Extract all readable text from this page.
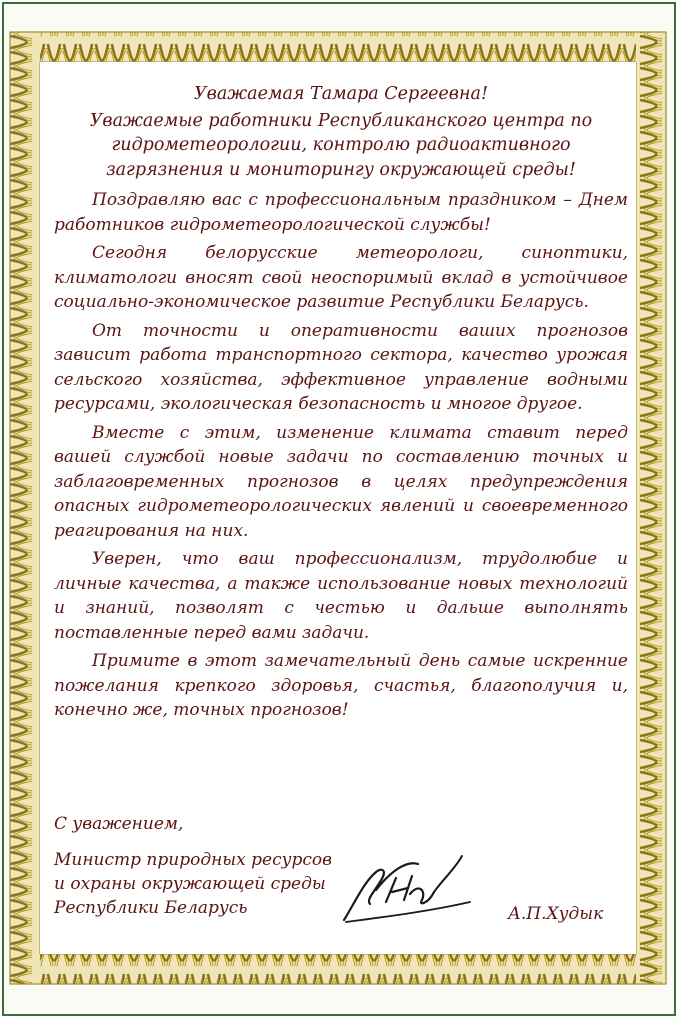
Уважаемая Тамара Сергеевна!
Уважаемые работники Республиканского центра по гидрометеорологии, контролю радиоактивного загрязнения и мониторингу окружающей среды!
Поздравляю вас с профессиональным праздником – Днем работников гидрометеорологической службы!
Сегодня белорусские метеорологи, синоптики, климатологи вносят свой неоспоримый вклад в устойчивое социально-экономическое развитие Республики Беларусь.
От точности и оперативности ваших прогнозов зависит работа транспортного сектора, качество урожая сельского хозяйства, эффективное управление водными ресурсами, экологическая безопасность и многое другое.
Вместе с этим, изменение климата ставит перед вашей службой новые задачи по составлению точных и заблаговременных прогнозов в целях предупреждения опасных гидрометеорологических явлений и своевременного реагирования на них.
Уверен, что ваш профессионализм, трудолюбие и личные качества, а также использование новых технологий и знаний, позволят с честью и дальше выполнять поставленные перед вами задачи.
Примите в этот замечательный день самые искренние пожелания крепкого здоровья, счастья, благополучия и, конечно же, точных прогнозов!
С уважением,
Министр природных ресурсов
и охраны окружающей среды
Республики Беларусь	А.П.Худык
